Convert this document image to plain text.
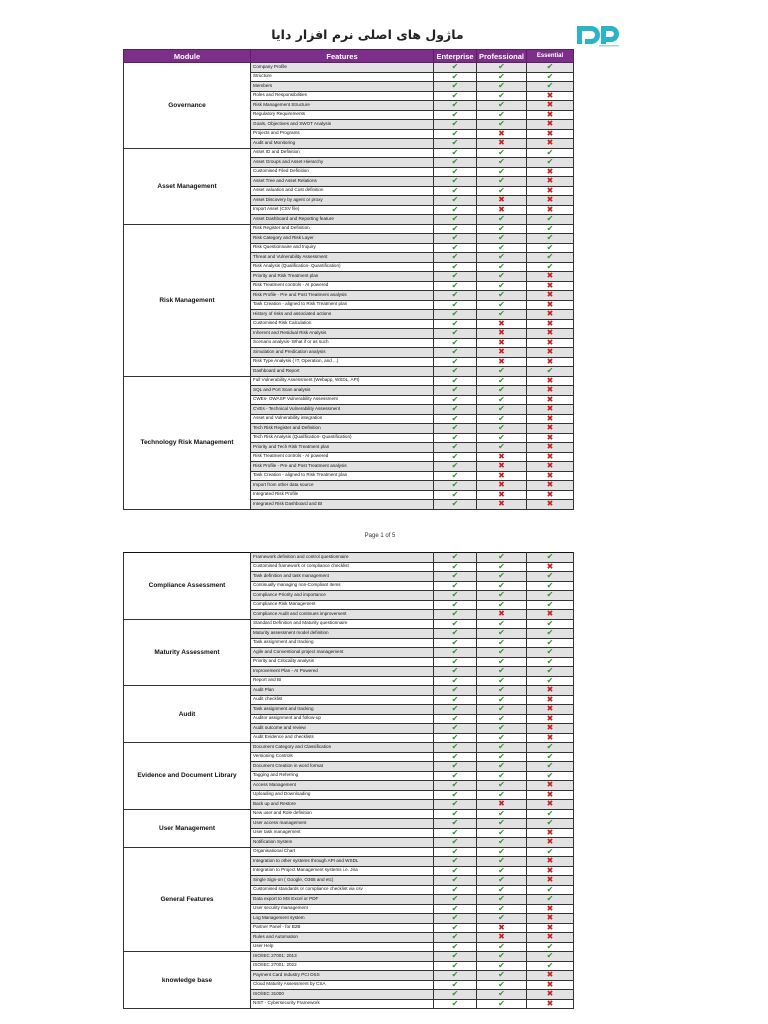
ماژول های اصلی نرم افزار دایا
Module	Features	Enterprise	Professional	Essential
Governance	Company Profile	✔	✔	✔
	Structure	✔	✔	✔
	Members	✔	✔	✔
	Roles and Responsibilities	✔	✔	✖
	Risk Management Structure	✔	✔	✖
	Regulatory Requirements	✔	✔	✖
	Goals, Objectives and SWOT Analysis	✔	✔	✖
	Projects and Programs	✔	✖	✖
	Audit and Monitoring	✔	✖	✖
Asset Management	Asset ID and Definition	✔	✔	✔
	Asset Groups and Asset Hierarchy	✔	✔	✔
	Customised Filed Definition	✔	✔	✖
	Asset Tree and Asset Relations	✔	✔	✖
	Asset valuation and Cost definition	✔	✔	✖
	Asset Discovery by agent or proxy	✔	✖	✖
	Import Asset (CSV file)	✔	✖	✖
	Asset Dashboard and Reporting feature	✔	✔	✔
Risk Management	Risk Register and Definition	✔	✔	✔
	Risk Category and Risk Layer	✔	✔	✔
	Risk Questionnaire and Inquiry	✔	✔	✔
	Threat and Vulnerability Assessment	✔	✔	✔
	Risk Analysis (Qualification- Quantification)	✔	✔	✔
	Priority and Risk Treatment plan	✔	✔	✖
	Risk Treatment controls - AI powered	✔	✔	✖
	Risk Profile - Pre and Post Treatment analysis	✔	✔	✖
	Task Creation - aligned to Risk Treatment plan	✔	✔	✖
	History of risks and associated actions	✔	✔	✖
	Customised Risk Calculation	✔	✖	✖
	Inherent and Residual Risk Analysis	✔	✖	✖
	Scenario analysis- What if or as such	✔	✖	✖
	Simulation and Predication analysis	✔	✖	✖
	Risk Type Analysis ( IT, Operation, and ...)	✔	✖	✖
	Dashboard and Report	✔	✔	✔
Technology Risk Management	Full Vulnerability Assessment (Webapp, WSDL, API)	✔	✔	✖
	SQL and Port Scan analysis	✔	✔	✖
	CWEs- OWASP Vulnerability Assessment	✔	✔	✖
	CVEs - Technical Vulnerability Assessment	✔	✔	✖
	Asset and Vulnerability integration	✔	✔	✖
	Tech Risk Register and Definition	✔	✔	✖
	Tech Risk Analysis (Qualification- Quantification)	✔	✔	✖
	Priority and Tech Risk Treatment plan	✔	✔	✖
	Risk Treatment controls - AI powered	✔	✖	✖
	Risk Profile - Pre and Post Treatment analysis	✔	✖	✖
	Task Creation - aligned to Risk Treatment plan	✔	✖	✖
	Import from other data source	✔	✖	✖
	Integrated Risk Profile	✔	✖	✖
	Integrated Risk Dashboard and BI	✔	✖	✖
Page 1 of 5
Compliance Assessment	Framework definition and control questionnaire	✔	✔	✔
	Customised framework or compliance checklist	✔	✔	✖
	Task definition and task management	✔	✔	✔
	Continually managing non-Compliant items	✔	✔	✔
	Compliance Priority and importance	✔	✔	✔
	Compliance Risk Management	✔	✔	✔
	Compliance Audit and continues improvement	✔	✖	✖
Maturity Assessment	Standard Definition and Maturity questionnaire	✔	✔	✔
	Maturity assessment model definition	✔	✔	✔
	Task assignment and tracking	✔	✔	✔
	Agile and Conventional project management	✔	✔	✔
	Priority and Criticality analysis	✔	✔	✔
	Improvement Plan - AI Powered	✔	✔	✔
	Report and BI	✔	✔	✔
Audit	Audit Plan	✔	✔	✖
	Audit checklist	✔	✔	✖
	Task assignment and tracking	✔	✔	✖
	Auditor assignment and follow-up	✔	✔	✖
	Audit outcome and review	✔	✔	✖
	Audit Evidence and checklists	✔	✔	✖
Evidence and Document Library	Document Category and Classification	✔	✔	✔
	Versioning Controls	✔	✔	✔
	Document Creation in word format	✔	✔	✔
	Tagging and Referring	✔	✔	✔
	Access Management	✔	✔	✖
	Uploading and Downloading	✔	✔	✖
	Back up and Restore	✔	✖	✖
User Management	New user and Role definition	✔	✔	✔
	User access management	✔	✔	✔
	User task management	✔	✔	✖
	Notification System	✔	✔	✖
General Features	Organisational Chart	✔	✔	✔
	Integration to other systems through API and WSDL	✔	✔	✖
	Integration to Project Management systems i.e. Jira	✔	✔	✖
	Single Sign-on ( Google, O365 and etc)	✔	✔	✖
	Customised standards or compliance checklist via csv	✔	✔	✔
	Data export to MS Excel or PDF	✔	✔	✔
	User security management	✔	✔	✖
	Log Management system	✔	✔	✖
	Partner Panel - for B2B	✔	✖	✖
	Rules and Automation	✔	✖	✖
	User Help	✔	✔	✔
knowledge base	ISO/IEC 27001: 2013	✔	✔	✔
	ISO/IEC 27001: 2022	✔	✔	✔
	Payment Card Industry PCI DSS	✔	✔	✖
	Cloud Maturity Assessment by CSA	✔	✔	✖
	ISO/IEC 31000	✔	✔	✖
	NIST - Cybersecurity Framework	✔	✔	✖
